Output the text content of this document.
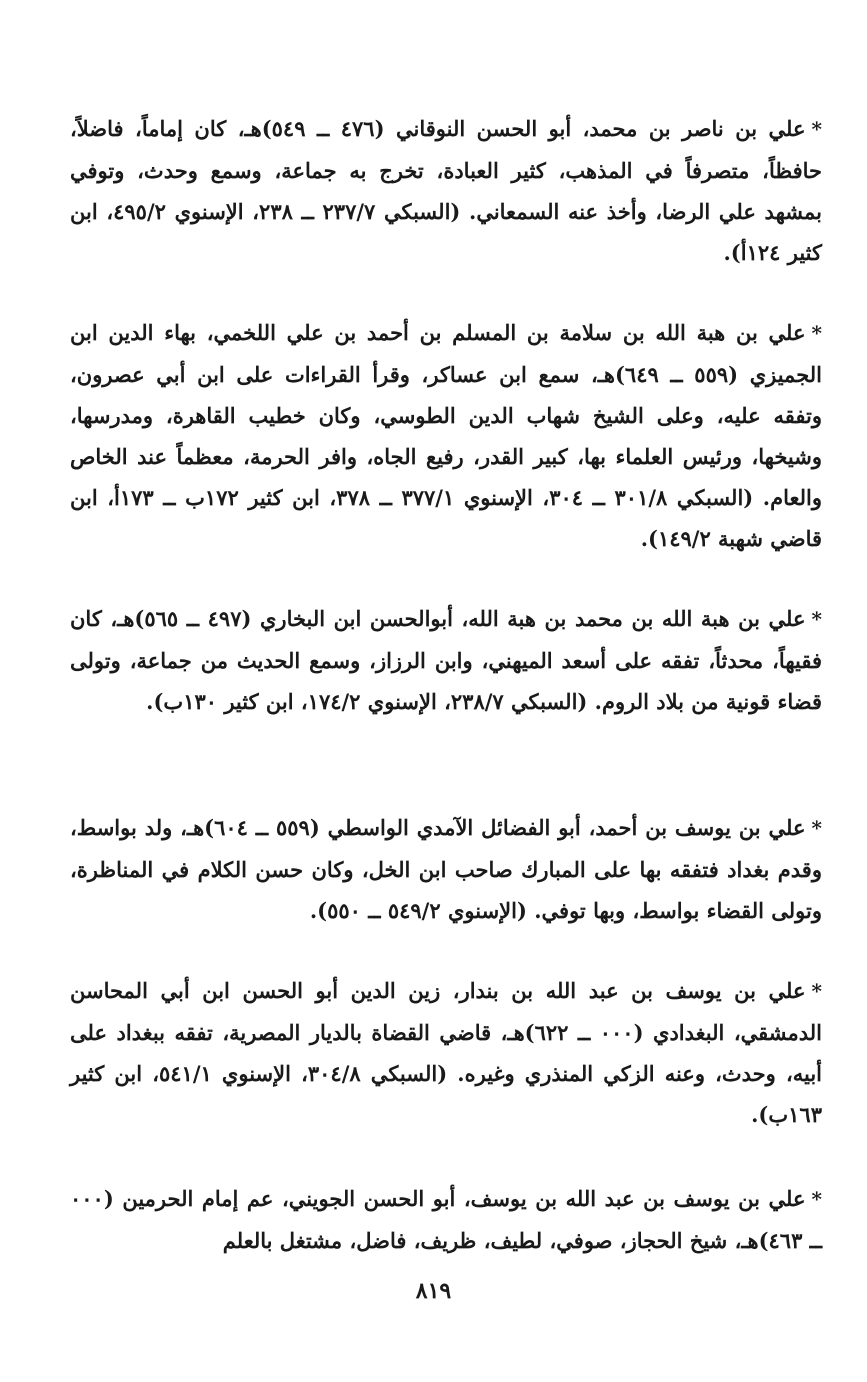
*علي بن ناصر بن محمد، أبو الحسن النوقاني (٤٧٦ ــ ٥٤٩)هـ، كان إماماً، فاضلاً، حافظاً، متصرفاً في المذهب، كثير العبادة، تخرج به جماعة، وسمع وحدث، وتوفي بمشهد علي الرضا، وأخذ عنه السمعاني. (السبكي ٢٣٧/٧ ــ ٢٣٨، الإسنوي ٤٩٥/٢، ابن كثير ١٢٤أ).
*علي بن هبة الله بن سلامة بن المسلم بن أحمد بن علي اللخمي، بهاء الدين ابن الجميزي (٥٥٩ ــ ٦٤٩)هـ، سمع ابن عساكر، وقرأ القراءات على ابن أبي عصرون، وتفقه عليه، وعلى الشيخ شهاب الدين الطوسي، وكان خطيب القاهرة، ومدرسها، وشيخها، ورئيس العلماء بها، كبير القدر، رفيع الجاه، وافر الحرمة، معظماً عند الخاص والعام. (السبكي ٣٠١/٨ ــ ٣٠٤، الإسنوي ٣٧٧/١ ــ ٣٧٨، ابن كثير ١٧٢ب ــ ١٧٣أ، ابن قاضي شهبة ١٤٩/٢).
*علي بن هبة الله بن محمد بن هبة الله، أبوالحسن ابن البخاري (٤٩٧ ــ ٥٦٥)هـ، كان فقيهاً، محدثاً، تفقه على أسعد الميهني، وابن الرزاز، وسمع الحديث من جماعة، وتولى قضاء قونية من بلاد الروم. (السبكي ٢٣٨/٧، الإسنوي ١٧٤/٢، ابن كثير ١٣٠ب).
*علي بن يوسف بن أحمد، أبو الفضائل الآمدي الواسطي (٥٥٩ ــ ٦٠٤)هـ، ولد بواسط، وقدم بغداد فتفقه بها على المبارك صاحب ابن الخل، وكان حسن الكلام في المناظرة، وتولى القضاء بواسط، وبها توفي. (الإسنوي ٥٤٩/٢ ــ ٥٥٠).
*علي بن يوسف بن عبد الله بن بندار، زين الدين أبو الحسن ابن أبي المحاسن الدمشقي، البغدادي (٠٠٠ ــ ٦٢٢)هـ، قاضي القضاة بالديار المصرية، تفقه ببغداد على أبيه، وحدث، وعنه الزكي المنذري وغيره. (السبكي ٣٠٤/٨، الإسنوي ٥٤١/١، ابن كثير ١٦٣ب).
*علي بن يوسف بن عبد الله بن يوسف، أبو الحسن الجويني، عم إمام الحرمين (٠٠٠ ــ ٤٦٣)هـ، شيخ الحجاز، صوفي، لطيف، ظريف، فاضل، مشتغل بالعلم
٨١٩
